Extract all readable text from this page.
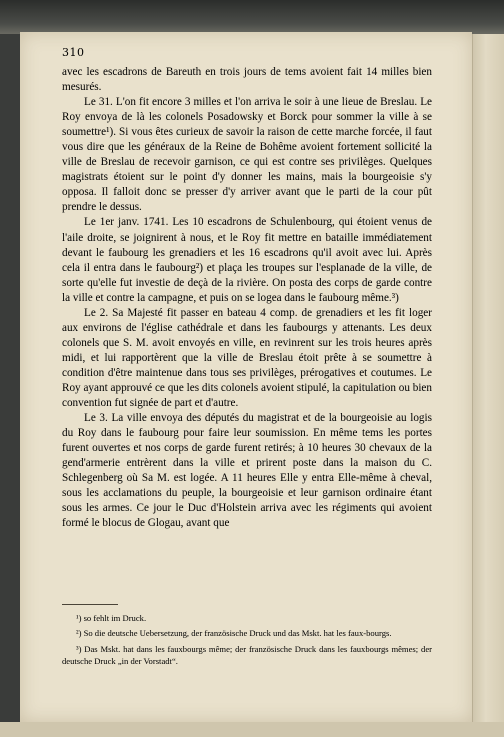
310

avec les escadrons de Bareuth en trois jours de tems avoient fait 14 milles bien mesurés.

Le 31. L'on fit encore 3 milles et l'on arriva le soir à une lieue de Breslau. Le Roy envoya de là les colonels Posadowsky et Borck pour sommer la ville à se soumettre¹). Si vous êtes curieux de savoir la raison de cette marche forcée, il faut vous dire que les généraux de la Reine de Bohême avoient fortement sollicité la ville de Breslau de recevoir garnison, ce qui est contre ses privilèges. Quelques magistrats étoient sur le point d'y donner les mains, mais la bourgeoisie s'y opposa. Il falloit donc se presser d'y arriver avant que le parti de la cour pût prendre le dessus.

Le 1er janv. 1741. Les 10 escadrons de Schulenbourg, qui étoient venus de l'aile droite, se joignirent à nous, et le Roy fit mettre en bataille immédiatement devant le faubourg les grenadiers et les 16 escadrons qu'il avoit avec lui. Après cela il entra dans le faubourg²) et plaça les troupes sur l'esplanade de la ville, de sorte qu'elle fut investie de deçà de la rivière. On posta des corps de garde contre la ville et contre la campagne, et puis on se logea dans le faubourg même.³)

Le 2. Sa Majesté fit passer en bateau 4 comp. de grenadiers et les fit loger aux environs de l'église cathédrale et dans les faubourgs y attenants. Les deux colonels que S. M. avoit envoyés en ville, en revinrent sur les trois heures après midi, et lui rapportèrent que la ville de Breslau étoit prête à se soumettre à condition d'être maintenue dans tous ses privilèges, prérogatives et coutumes. Le Roy ayant approuvé ce que les dits colonels avoient stipulé, la capitulation ou bien convention fut signée de part et d'autre.

Le 3. La ville envoya des députés du magistrat et de la bourgeoisie au logis du Roy dans le faubourg pour faire leur soumission. En même tems les portes furent ouvertes et nos corps de garde furent retirés; à 10 heures 30 chevaux de la gend'armerie entrèrent dans la ville et prirent poste dans la maison du C. Schlegenberg où Sa M. est logée. A 11 heures Elle y entra Elle-même à cheval, sous les acclamations du peuple, la bourgeoisie et leur garnison ordinaire étant sous les armes. Ce jour le Duc d'Holstein arriva avec les régiments qui avoient formé le blocus de Glogau, avant que

¹) so fehlt im Druck.

²) So die deutsche Uebersetzung, der französische Druck und das Mskt. hat les faux-bourgs.

³) Das Mskt. hat dans les fauxbourgs même; der französische Druck dans les fauxbourgs mêmes; der deutsche Druck „in der Vorstadt“.
